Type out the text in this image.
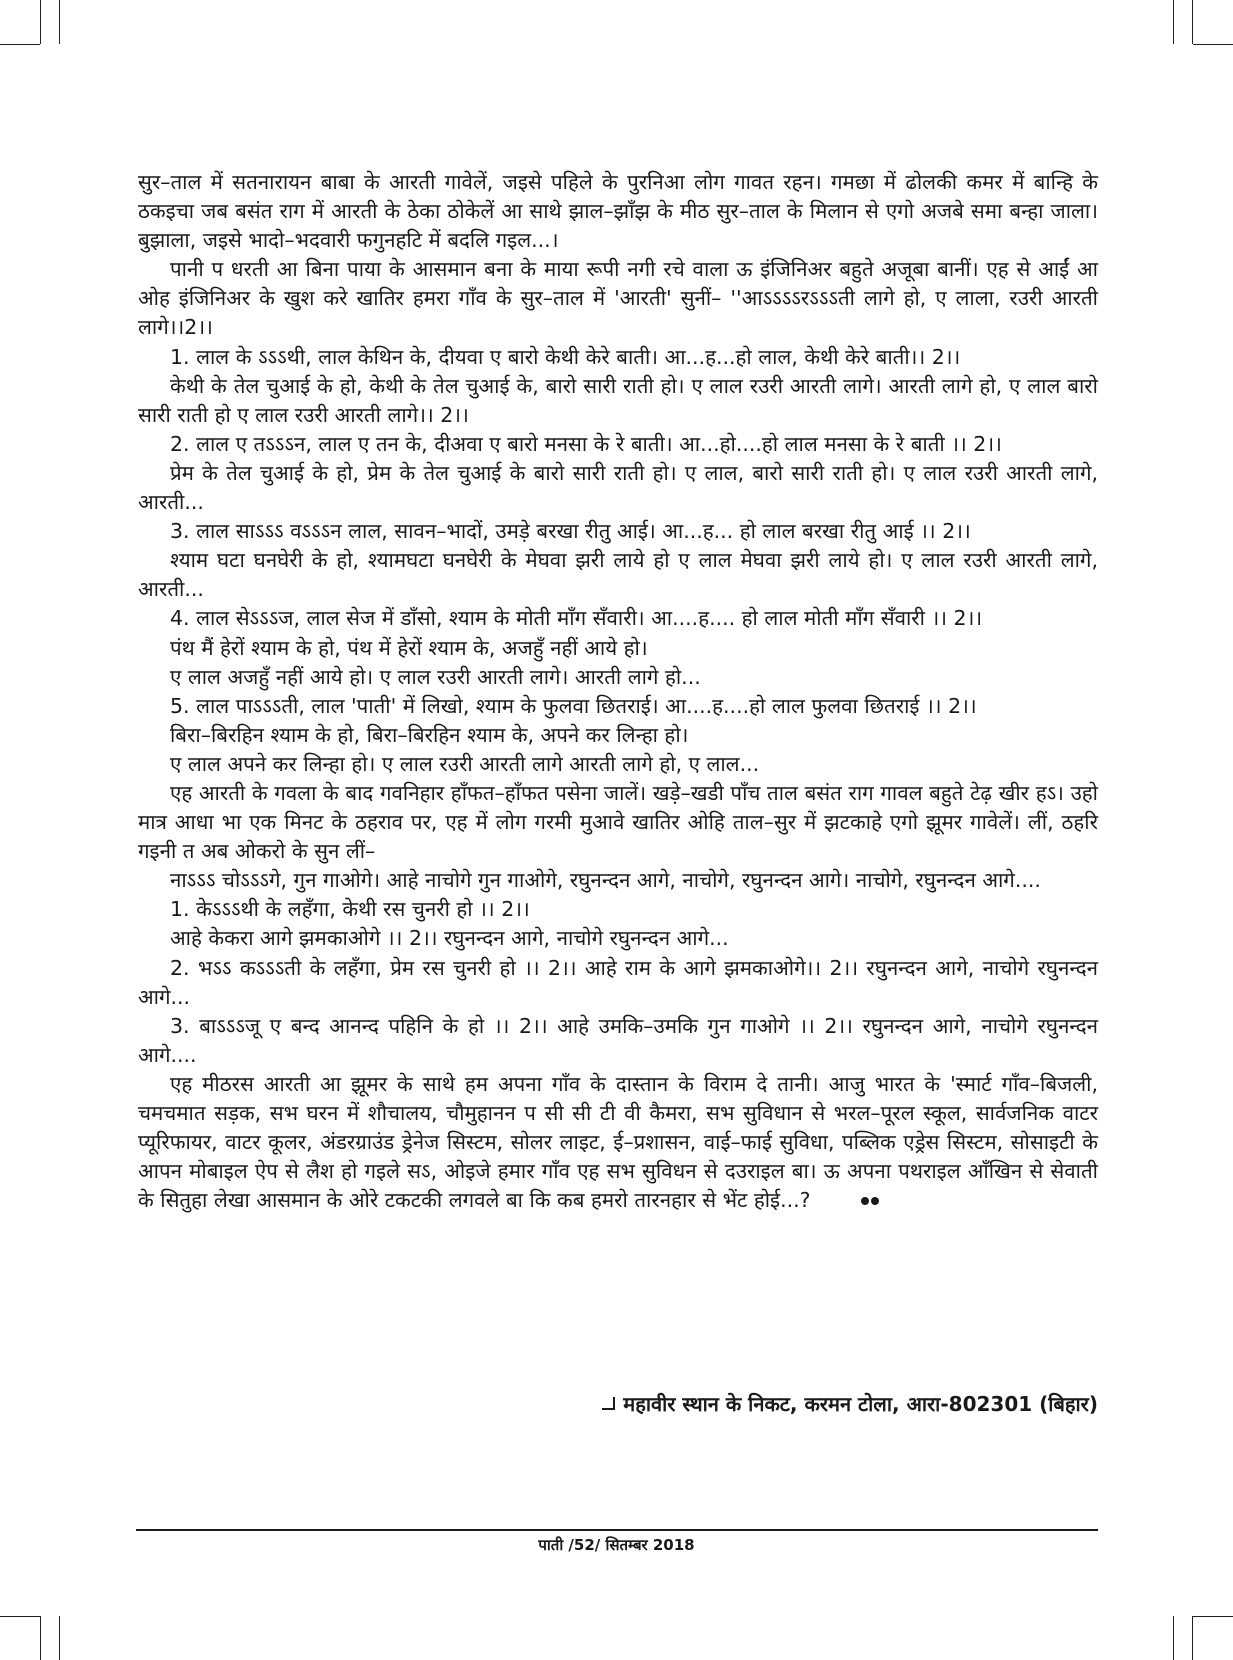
सुर–ताल में सतनारायन बाबा के आरती गावेलें, जइसे पहिले के पुरनिआ लोग गावत रहन। गमछा में ढोलकी कमर में बान्हि के ठकइचा जब बसंत राग में आरती के ठेका ठोकेलें आ साथे झाल–झाँझ के मीठ सुर–ताल के मिलान से एगो अजबे समा बन्हा जाला। बुझाला, जइसे भादो–भदवारी फगुनहटि में बदलि गइल...।

पानी प धरती आ बिना पाया के आसमान बना के माया रूपी नगी रचे वाला ऊ इंजिनिअर बहुते अजूबा बानीं। एह से आईं आ ओह इंजिनिअर के खुश करे खातिर हमरा गाँव के सुर–ताल में 'आरती' सुनीं– ''आऽऽऽऽरऽऽऽती लागे हो, ए लाला, रउरी आरती लागे।।2।।

1. लाल के ऽऽऽथी, लाल केथिन के, दीयवा ए बारो केथी केरे बाती। आ...ह...हो लाल, केथी केरे बाती।। 2।।

केथी के तेल चुआई के हो, केथी के तेल चुआई के, बारो सारी राती हो। ए लाल रउरी आरती लागे। आरती लागे हो, ए लाल बारो सारी राती हो ए लाल रउरी आरती लागे।। 2।।

2. लाल ए तऽऽऽन, लाल ए तन के, दीअवा ए बारो मनसा के रे बाती। आ...हो....हो लाल मनसा के रे बाती ।। 2।।

प्रेम के तेल चुआई के हो, प्रेम के तेल चुआई के बारो सारी राती हो। ए लाल, बारो सारी राती हो। ए लाल रउरी आरती लागे, आरती...

3. लाल साऽऽऽ वऽऽऽन लाल, सावन–भादों, उमड़े बरखा रीतु आई। आ...ह... हो लाल बरखा रीतु आई ।। 2।।

श्याम घटा घनघेरी के हो, श्यामघटा घनघेरी के मेघवा झरी लाये हो ए लाल मेघवा झरी लाये हो। ए लाल रउरी आरती लागे, आरती...

4. लाल सेऽऽऽज, लाल सेज में डाँसो, श्याम के मोती माँग सँवारी। आ....ह.... हो लाल मोती माँग सँवारी ।। 2।।

पंथ मैं हेरों श्याम के हो, पंथ में हेरों श्याम के, अजहुँ नहीं आये हो।

ए लाल अजहुँ नहीं आये हो। ए लाल रउरी आरती लागे। आरती लागे हो...

5. लाल पाऽऽऽती, लाल 'पाती' में लिखो, श्याम के फुलवा छितराई। आ....ह....हो लाल फुलवा छितराई ।। 2।।

बिरा–बिरहिन श्याम के हो, बिरा–बिरहिन श्याम के, अपने कर लिन्हा हो।

ए लाल अपने कर लिन्हा हो। ए लाल रउरी आरती लागे आरती लागे हो, ए लाल...

एह आरती के गवला के बाद गवनिहार हाँफत–हाँफत पसेना जालें। खड़े–खडी पाँच ताल बसंत राग गावल बहुते टेढ़ खीर हऽ। उहो मात्र आधा भा एक मिनट के ठहराव पर, एह में लोग गरमी मुआवे खातिर ओहि ताल–सुर में झटकाहे एगो झूमर गावेलें। लीं, ठहरि गइनी त अब ओकरो के सुन लीं–

नाऽऽऽ चोऽऽऽगे, गुन गाओगे। आहे नाचोगे गुन गाओगे, रघुनन्दन आगे, नाचोगे, रघुनन्दन आगे। नाचोगे, रघुनन्दन आगे....

1. केऽऽऽथी के लहँगा, केथी रस चुनरी हो ।। 2।।

आहे केकरा आगे झमकाओगे ।। 2।। रघुनन्दन आगे, नाचोगे रघुनन्दन आगे...

2. भऽऽ कऽऽऽती के लहँगा, प्रेम रस चुनरी हो ।। 2।। आहे राम के आगे झमकाओगे।। 2।। रघुनन्दन आगे, नाचोगे रघुनन्दन आगे...

3. बाऽऽऽजू ए बन्द आनन्द पहिनि के हो ।। 2।। आहे उमकि–उमकि गुन गाओगे ।। 2।। रघुनन्दन आगे, नाचोगे रघुनन्दन आगे....

एह मीठरस आरती आ झूमर के साथे हम अपना गाँव के दास्तान के विराम दे तानी। आजु भारत के 'स्मार्ट गाँव–बिजली, चमचमात सड़क, सभ घरन में शौचालय, चौमुहानन प सी सी टी वी कैमरा, सभ सुविधान से भरल–पूरल स्कूल, सार्वजनिक वाटर प्यूरिफायर, वाटर कूलर, अंडरग्राउंड ड्रेनेज सिस्टम, सोलर लाइट, ई–प्रशासन, वाई–फाई सुविधा, पब्लिक एड्रेस सिस्टम, सोसाइटी के आपन मोबाइल ऐप से लैश हो गइले सऽ, ओइजे हमार गाँव एह सभ सुविधन से दउराइल बा। ऊ अपना पथराइल आँखिन से सेवाती के सितुहा लेखा आसमान के ओरे टकटकी लगवले बा कि कब हमरो तारनहार से भेंट होई...?

महावीर स्थान के निकट, करमन टोला, आरा-802301 (बिहार)
पाती /52/ सितम्बर 2018
